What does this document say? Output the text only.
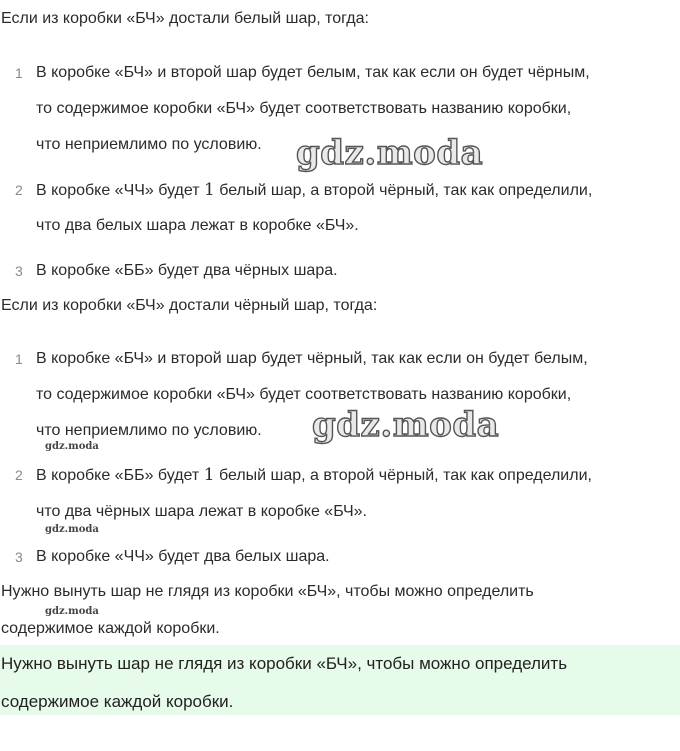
Если из коробки «БЧ» достали белый шар, тогда:

1 В коробке «БЧ» и второй шар будет белым, так как если он будет чёрным,
то содержимое коробки «БЧ» будет соответствовать названию коробки,
что неприемлимо по условию.
2 В коробке «ЧЧ» будет 1 белый шар, а второй чёрный, так как определили,
что два белых шара лежат в коробке «БЧ».
3 В коробке «ББ» будет два чёрных шара.

Если из коробки «БЧ» достали чёрный шар, тогда:

1 В коробке «БЧ» и второй шар будет чёрный, так как если он будет белым,
то содержимое коробки «БЧ» будет соответствовать названию коробки,
что неприемлимо по условию.
2 В коробке «ББ» будет 1 белый шар, а второй чёрный, так как определили,
что два чёрных шара лежат в коробке «БЧ».
3 В коробке «ЧЧ» будет два белых шара.

Нужно вынуть шар не глядя из коробки «БЧ», чтобы можно определить

содержимое каждой коробки.

Нужно вынуть шар не глядя из коробки «БЧ», чтобы можно определить
содержимое каждой коробки.
gdz.moda
gdz.moda
gdz.moda
gdz.moda
gdz.moda
